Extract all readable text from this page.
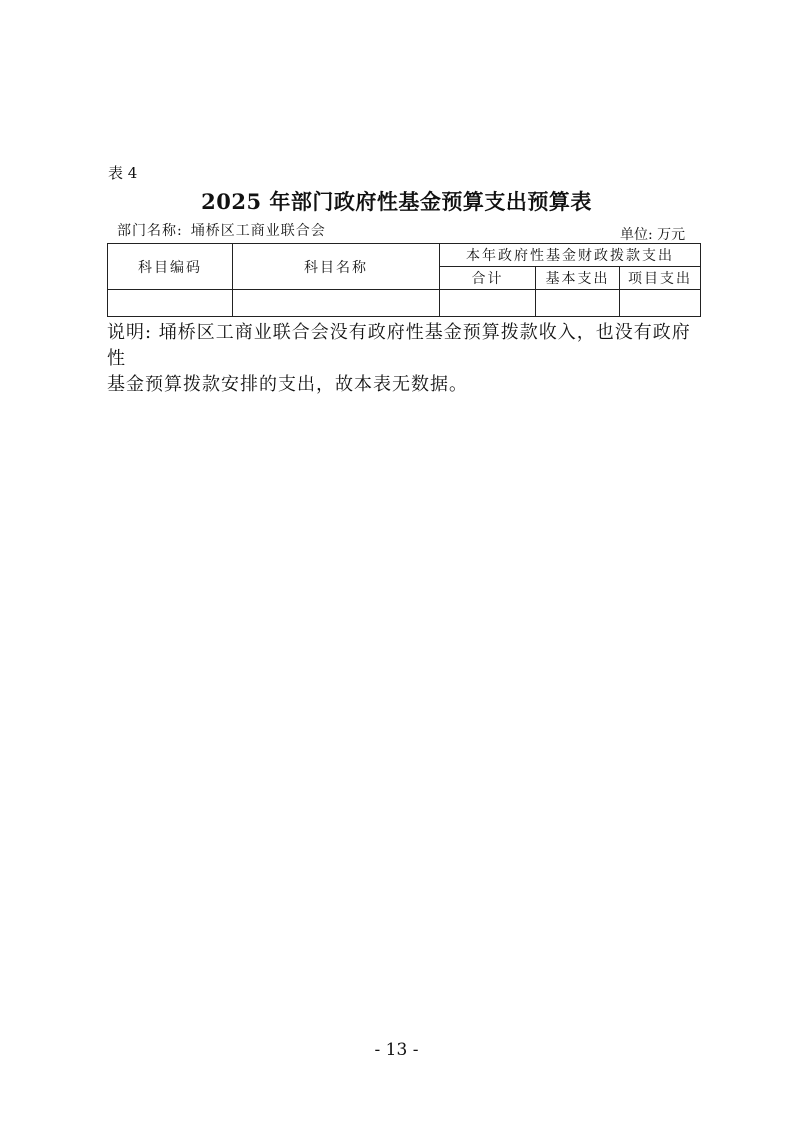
表 4
2025 年部门政府性基金预算支出预算表
部门名称: 埇桥区工商业联合会	单位: 万元
科目编码	科目名称	本年政府性基金财政拨款支出		
		合计	基本支出	项目支出

说明: 埇桥区工商业联合会没有政府性基金预算拨款收入，也没有政府性
基金预算拨款安排的支出，故本表无数据。
- 13 -
